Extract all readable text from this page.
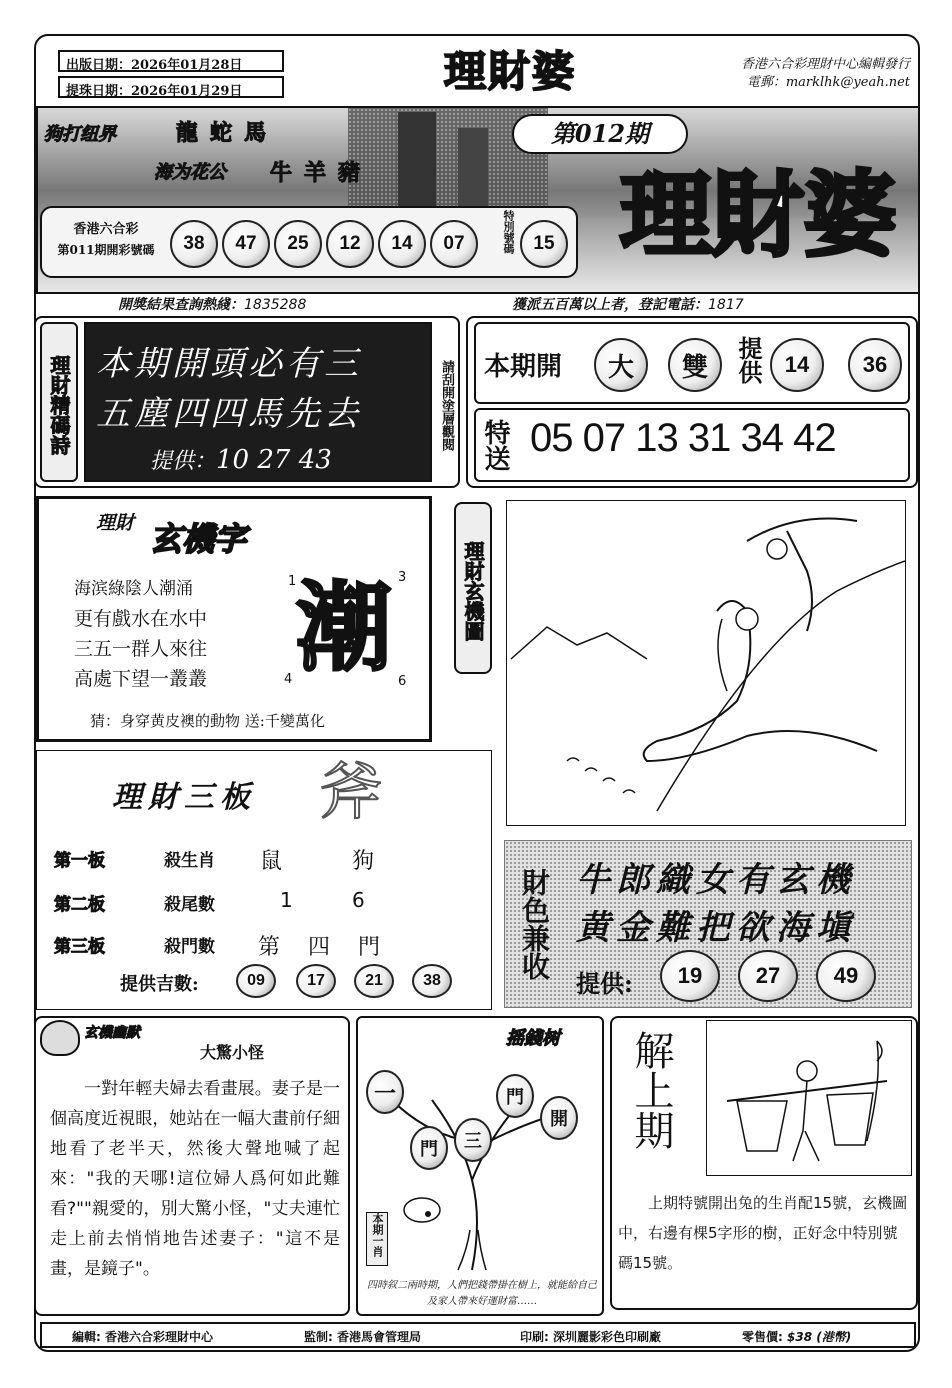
出版日期：2026年01月28日
提珠日期：2026年01月29日	理財婆	香港六合彩理財中心編輯發行
電郵：marklhk@yeah.net
狗打纽界	龍蛇馬
海为花公	牛羊豬
第012期
理財婆
香港六合彩
第011期開彩號碼	38	47	25	12	14	07	特別號碼 15
開獎結果查詢熱綫：1835288	獲派五百萬以上者，登記電話：1817
理財精碼詩 本期開頭必有三
五塵四四馬先去
提供：10 27 43
請刮開塗層觀閱 本期開	大	雙	提供 14	36
特送 05 07 13 31 34 42
理財 玄機字
海滨綠陰人潮涌
更有戲水在水中
三五一群人來往
高處下望一叢叢 潮
1	3
4	6
猜：身穿黄皮襖的動物 送:千變萬化
理財玄機圖
理財三板	斧
第一板	殺生肖 鼠	狗
第二板	殺尾數	1	6
第三板	殺門數 第 四 門
提供吉數:	09	17	21	38
財色兼收 牛郎織女有玄機
黄金難把欲海塡
提供:	19	27	49
玄機幽默
大驚小怪
一對年輕夫婦去看畫展。妻子是一個高度近視眼，她站在一幅大畫前仔細地看了老半天，然後大聲地喊了起來："我的天哪!這位婦人爲何如此難看?""親愛的，別大驚小怪，"丈夫連忙走上前去悄悄地告述妻子："這不是畫，是鏡子"。
摇錢树
一	門
開
門	三
本期一肖
四時叙二兩時期，人們把錢帶掛在樹上，就能給自己及家人帶來好運財富……
解上期
上期特號開出兔的生肖配15號，玄機圖中，右邊有棵5字形的樹，正好念中特別號碼15號。
編輯: 香港六合彩理財中心	監制: 香港馬會管理局	印刷: 深圳麗影彩色印刷廠	零售價: $38 (港幣)
